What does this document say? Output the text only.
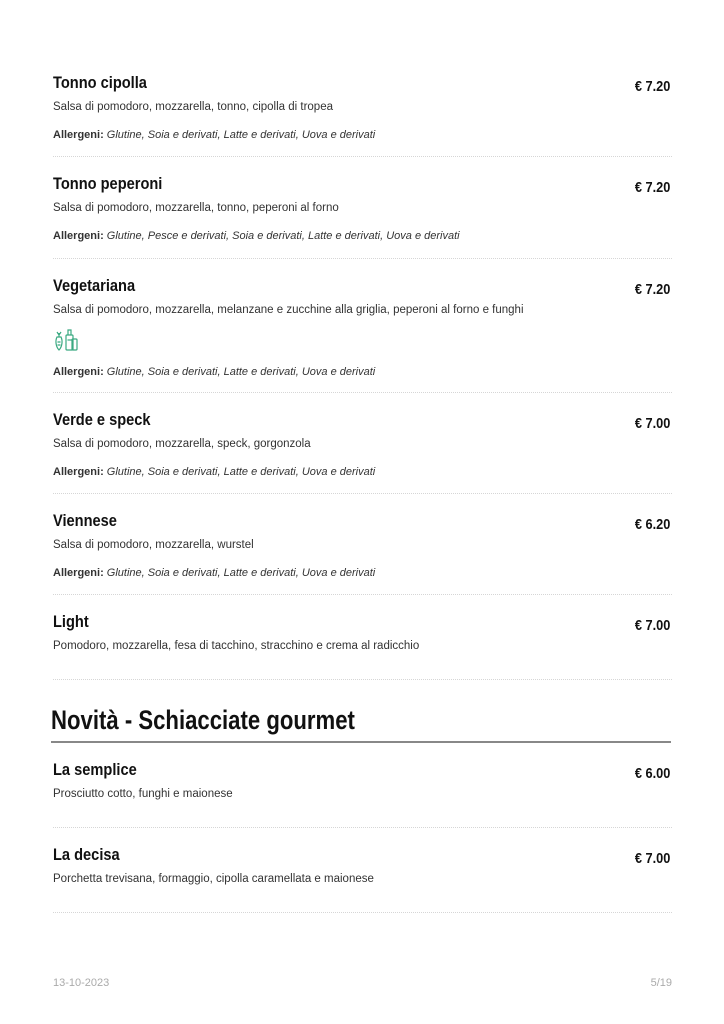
€ 7.20
Tonno cipolla
Salsa di pomodoro, mozzarella, tonno, cipolla di tropea
Allergeni: Glutine, Soia e derivati, Latte e derivati, Uova e derivati
€ 7.20
Tonno peperoni
Salsa di pomodoro, mozzarella, tonno, peperoni al forno
Allergeni: Glutine, Pesce e derivati, Soia e derivati, Latte e derivati, Uova e derivati
€ 7.20
Vegetariana
Salsa di pomodoro, mozzarella, melanzane e zucchine alla griglia, peperoni al forno e funghi
Allergeni: Glutine, Soia e derivati, Latte e derivati, Uova e derivati
€ 7.00
Verde e speck
Salsa di pomodoro, mozzarella, speck, gorgonzola
Allergeni: Glutine, Soia e derivati, Latte e derivati, Uova e derivati
€ 6.20
Viennese
Salsa di pomodoro, mozzarella, wurstel
Allergeni: Glutine, Soia e derivati, Latte e derivati, Uova e derivati
€ 7.00
Light
Pomodoro, mozzarella, fesa di tacchino, stracchino e crema al radicchio
Novità - Schiacciate gourmet
€ 6.00
La semplice
Prosciutto cotto, funghi e maionese
€ 7.00
La decisa
Porchetta trevisana, formaggio, cipolla caramellata e maionese
13-10-2023	5/19
